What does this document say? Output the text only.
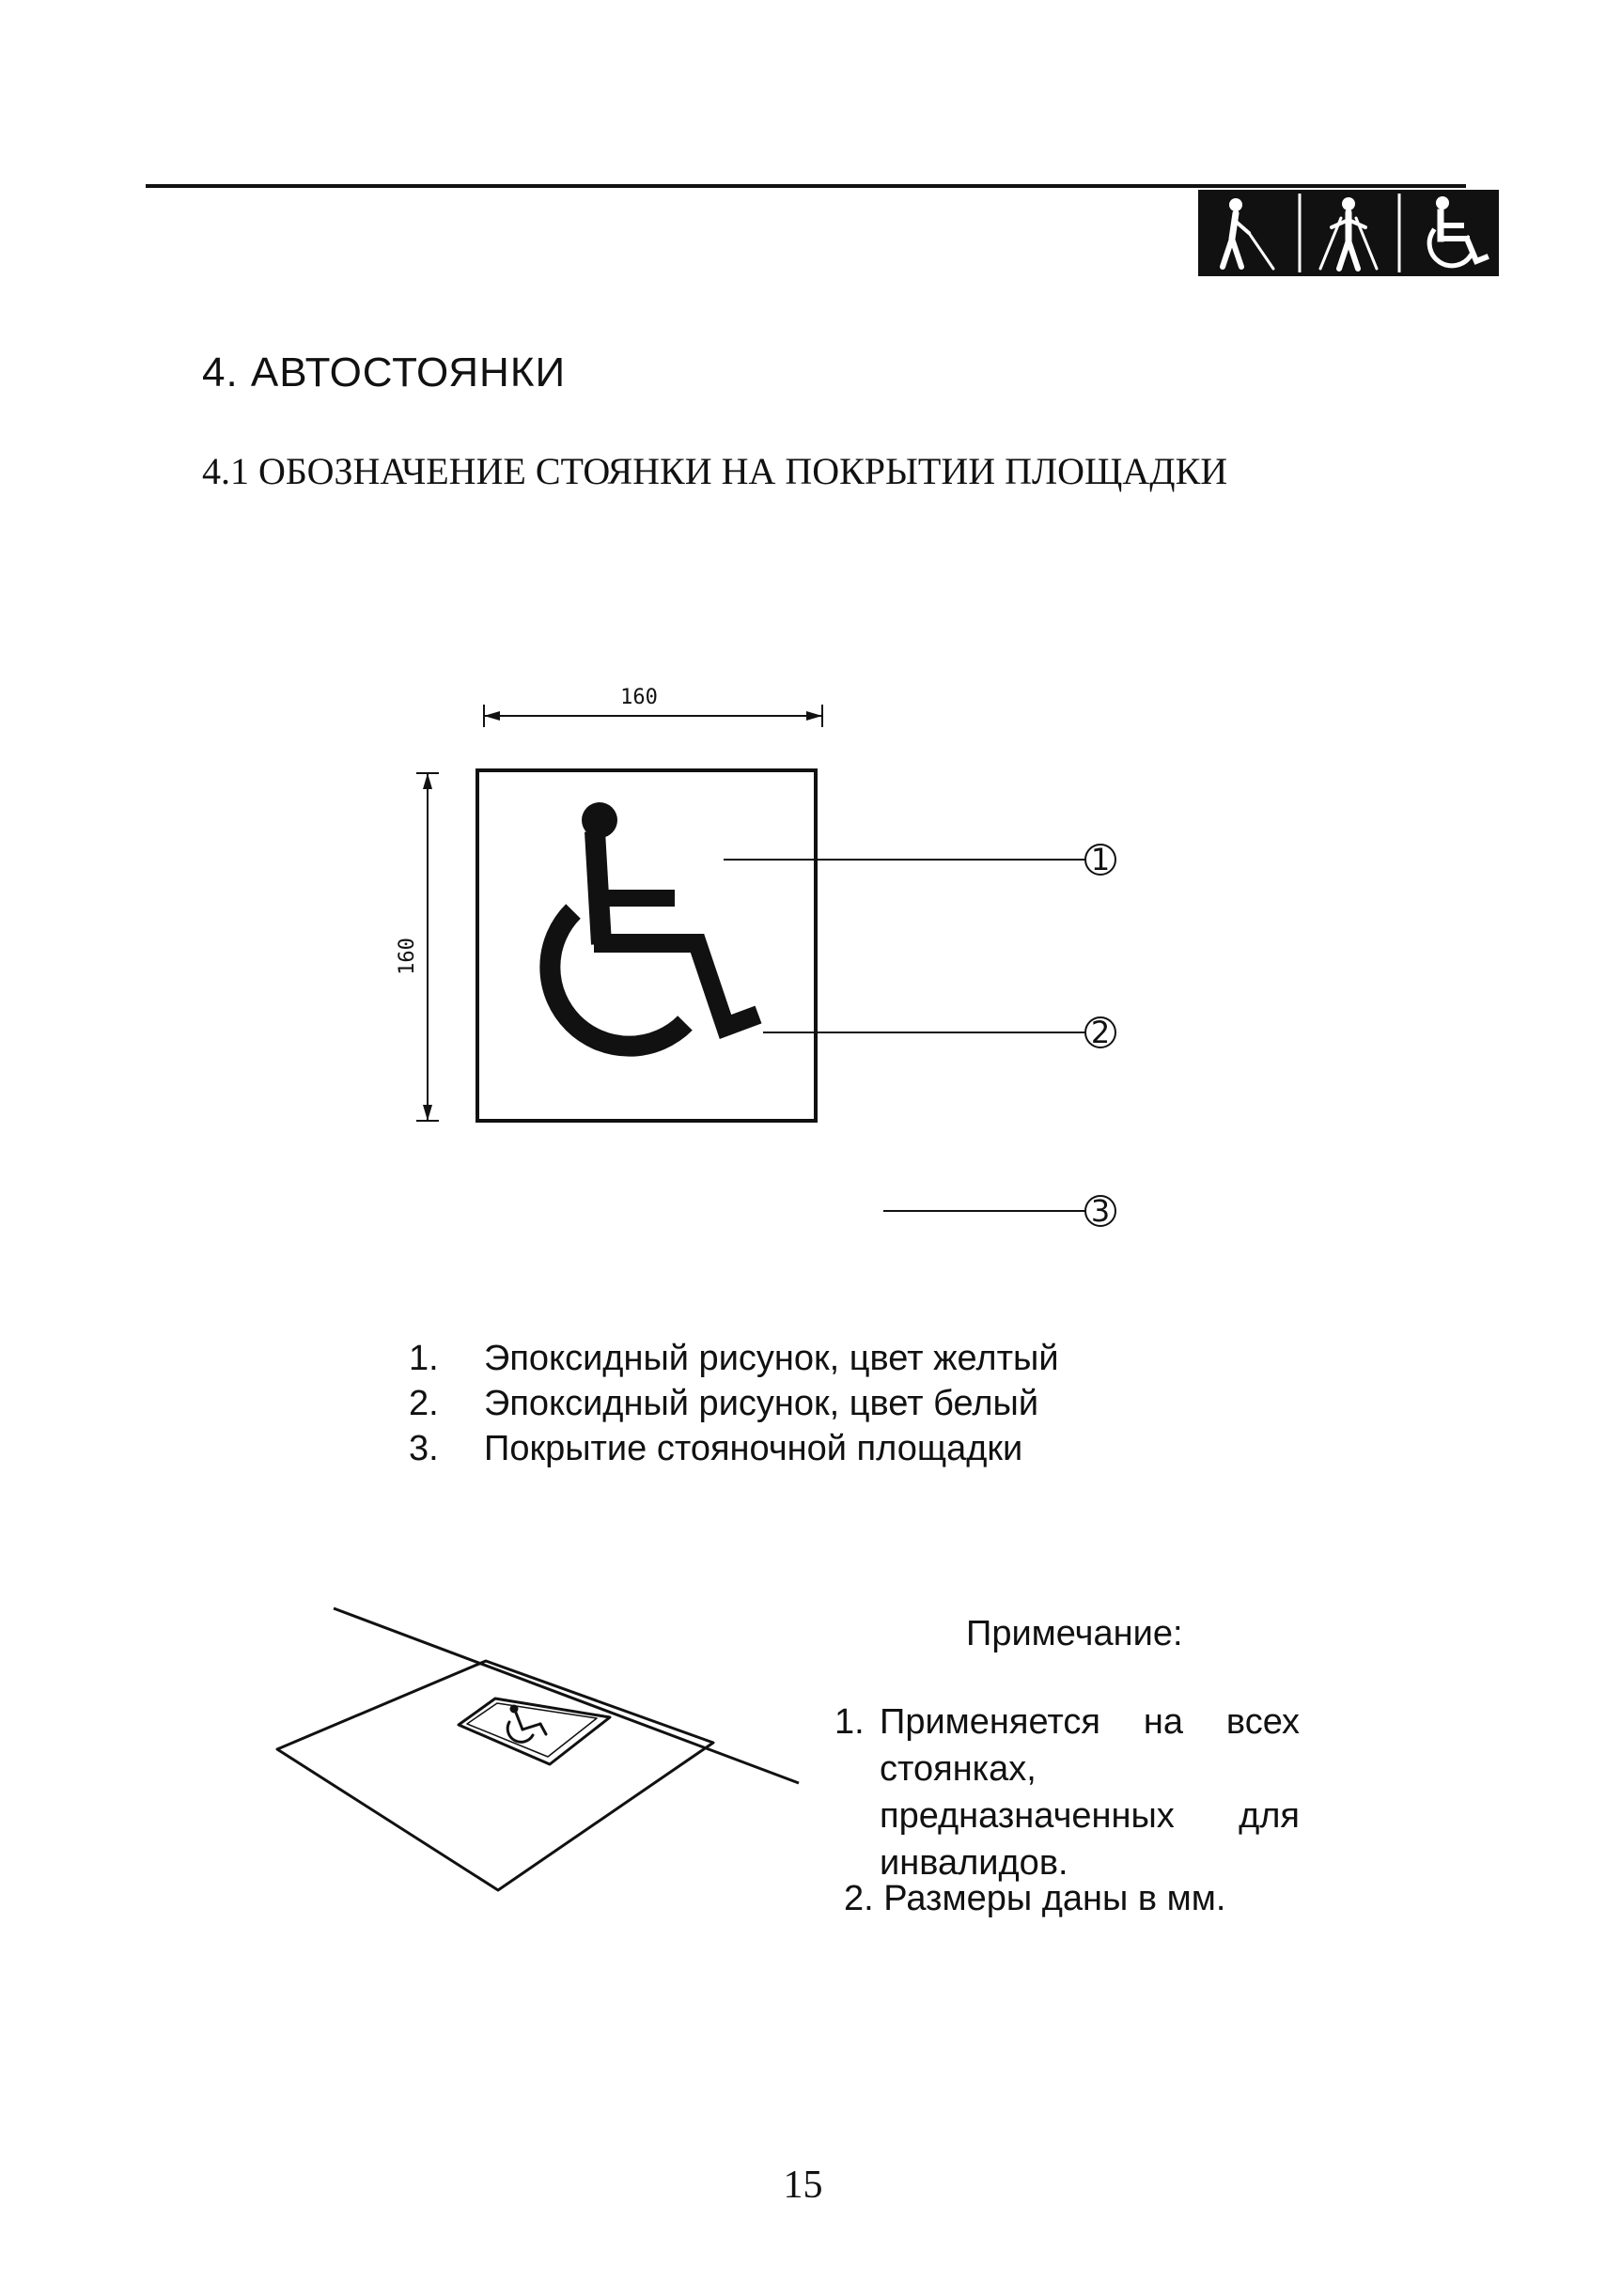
4. АВТОСТОЯНКИ
4.1 ОБОЗНАЧЕНИЕ СТОЯНКИ НА ПОКРЫТИИ ПЛОЩАДКИ
160
160
1
2
3
1.	Эпоксидный рисунок, цвет желтый
2.	Эпоксидный рисунок, цвет белый
3.	Покрытие стояночной площадки
Примечание:
1. Применяется на всех стоянках, предназначенных для инвалидов.
2. Размеры даны в мм.
15
